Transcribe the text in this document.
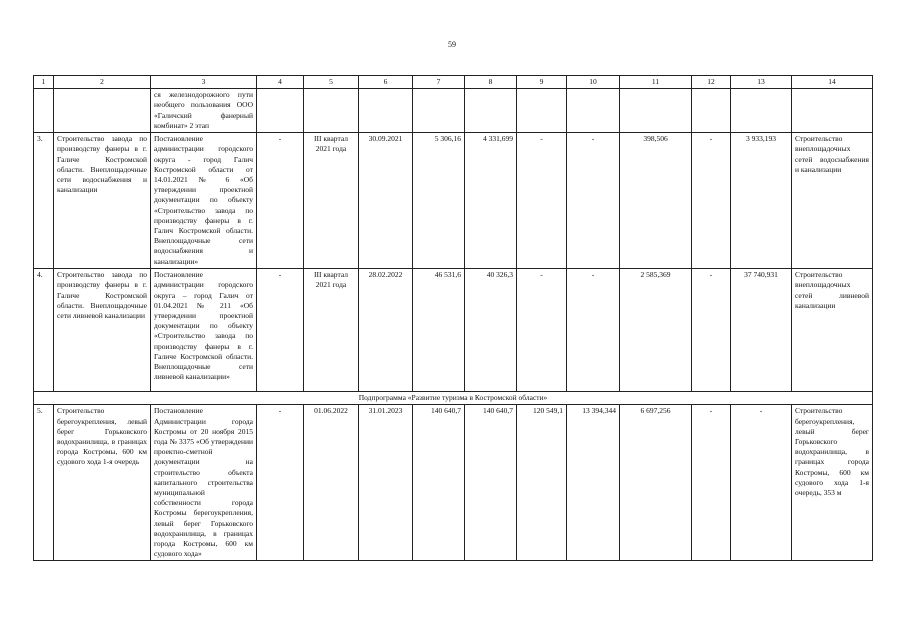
59
1	2	3	4	5	6	7	8	9	10	11	12	13	14
		ся железнодорожного пути необщего пользования ООО «Галичский фанерный комбинат» 2 этап											
3.	Строительство завода по производству фанеры в г. Галиче Костромской области. Внеплощадочные сети водоснабжения и канализации	Постановление администрации городского округа - город Галич Костромской области от 14.01.2021 № 6 «Об утверждении проектной документации по объекту «Строительство завода по производству фанеры в г. Галич Костромской области. Внеплощадочные сети водоснабжения и канализации»	-	III квартал 2021 года	30.09.2021	5 306,16	4 331,699	-	-	398,506	-	3 933,193	Строительство внеплощадочных сетей водоснабжения и канализации
4.	Строительство завода по производству фанеры в г. Галиче Костромской области. Внеплощадочные сети ливневой канализации	Постановление администрации городского округа – город Галич от 01.04.2021 № 211 «Об утверждении проектной документации по объекту «Строительство завода по производству фанеры в г. Галиче Костромской области. Внеплощадочные сети ливневой канализации»	-	III квартал 2021 года	28.02.2022	46 531,6	40 326,3	-	-	2 585,369	-	37 740,931	Строительство внеплощадочных сетей ливневой канализации
Подпрограмма «Развитие туризма в Костромской области»													
5.	Строительство берегоукрепления, левый берег Горьковского водохранилища, в границах города Костромы, 600 км судового хода 1-я очередь	Постановление Администрации города Костромы от 20 ноября 2015 года № 3375 «Об утверждении проектно-сметной документации на строительство объекта капитального строительства муниципальной собственности города Костромы берегоукрепления, левый берег Горьковского водохранилища, в границах города Костромы, 600 км судового хода»	-	01.06.2022	31.01.2023	140 640,7	140 640,7	120 549,1	13 394,344	6 697,256	-	-	Строительство берегоукрепления, левый берег Горьковского водохранилища, в границах города Костромы, 600 км судового хода 1-я очередь, 353 м
